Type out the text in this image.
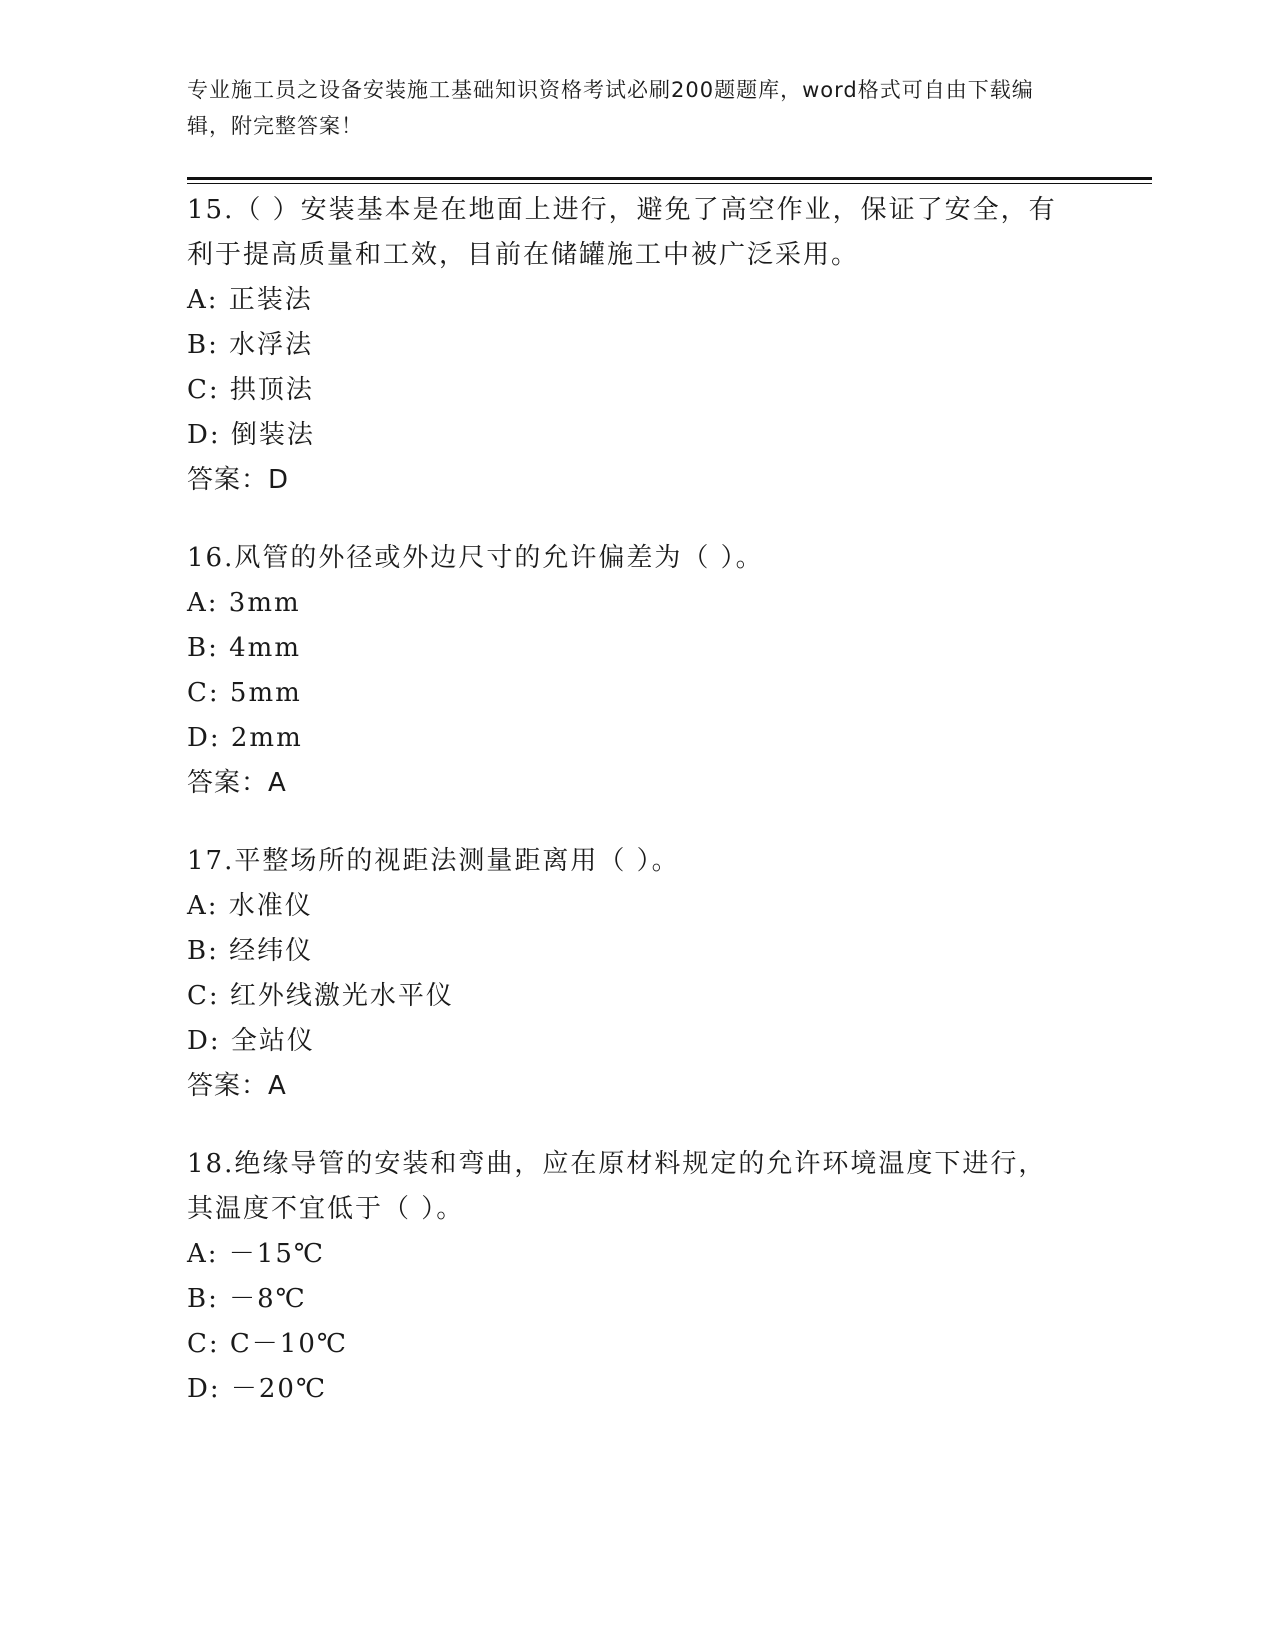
专业施工员之设备安装施工基础知识资格考试必刷200题题库，word格式可自由下载编辑，附完整答案！

15.（ ）安装基本是在地面上进行，避免了高空作业，保证了安全，有利于提高质量和工效，目前在储罐施工中被广泛采用。

A: 正装法
B: 水浮法
C: 拱顶法
D: 倒装法
答案：D

16.风管的外径或外边尺寸的允许偏差为（ ）。

A: 3mm
B: 4mm
C: 5mm
D: 2mm
答案：A

17.平整场所的视距法测量距离用（ ）。

A: 水准仪
B: 经纬仪
C: 红外线激光水平仪
D: 全站仪
答案：A

18.绝缘导管的安装和弯曲，应在原材料规定的允许环境温度下进行，其温度不宜低于（ ）。

A: －15℃
B: －8℃
C: C－10℃
D: －20℃
